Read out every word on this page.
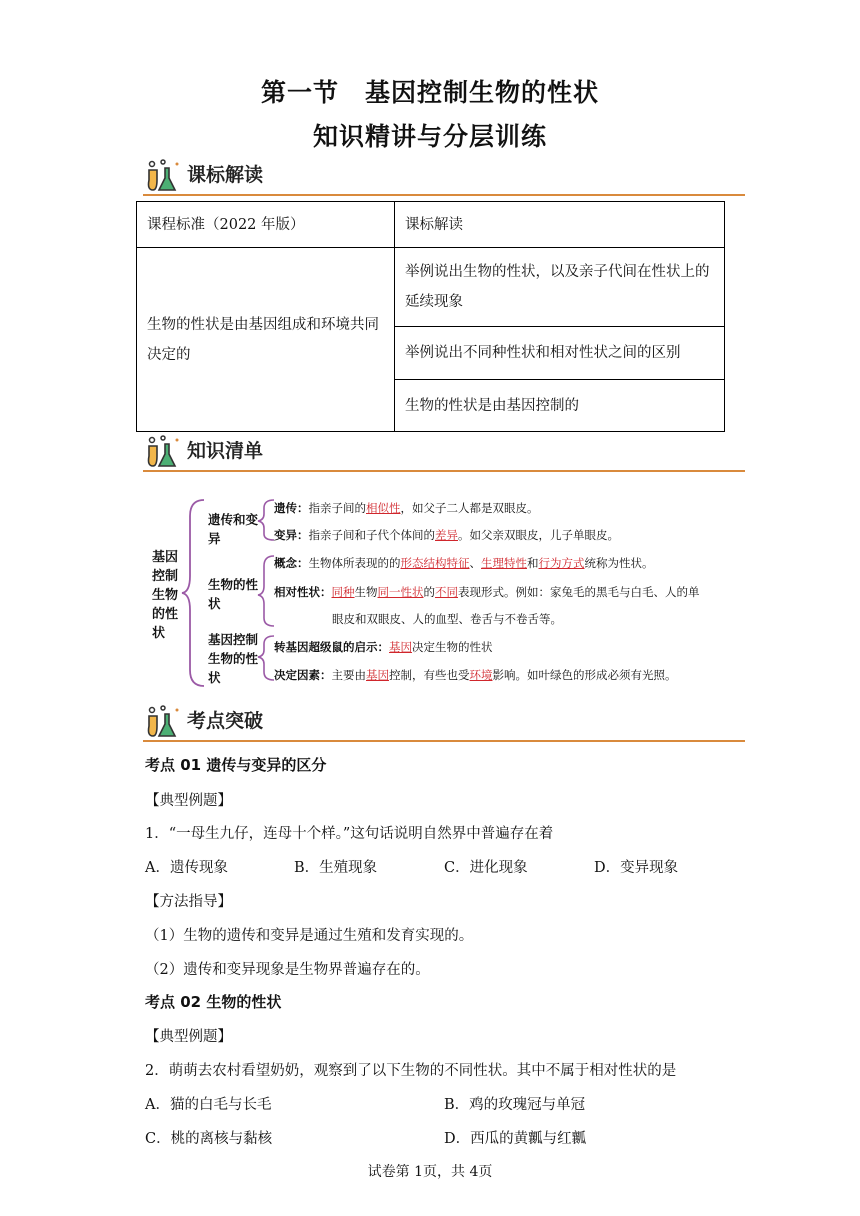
第一节　基因控制生物的性状
知识精讲与分层训练
课标解读
课程标准（2022 年版）	课标解读
生物的性状是由基因组成和环境共同决定的	举例说出生物的性状，以及亲子代间在性状上的延续现象
	举例说出不同种性状和相对性状之间的区别
	生物的性状是由基因控制的
知识清单
基因控制生物的性状
遗传和变异
生物的性状
基因控制生物的性状
遗传：指亲子间的相似性，如父子二人都是双眼皮。
变异：指亲子间和子代个体间的差异。如父亲双眼皮，儿子单眼皮。
概念：生物体所表现的的形态结构特征、生理特性和行为方式统称为性状。
相对性状：同种生物同一性状的不同表现形式。例如：家兔毛的黑毛与白毛、人的单
眼皮和双眼皮、人的血型、卷舌与不卷舌等。
转基因超级鼠的启示：基因决定生物的性状
决定因素：主要由基因控制，有些也受环境影响。如叶绿色的形成必须有光照。
考点突破
考点 01 遗传与变异的区分
【典型例题】
1．“一母生九仔，连母十个样。”这句话说明自然界中普遍存在着
A．遗传现象	B．生殖现象	C．进化现象	D．变异现象
【方法指导】
（1）生物的遗传和变异是通过生殖和发育实现的。
（2）遗传和变异现象是生物界普遍存在的。
考点 02 生物的性状
【典型例题】
2．萌萌去农村看望奶奶，观察到了以下生物的不同性状。其中不属于相对性状的是
A．猫的白毛与长毛	B．鸡的玫瑰冠与单冠
C．桃的离核与黏核	D．西瓜的黄瓤与红瓤
试卷第 1页，共 4页
